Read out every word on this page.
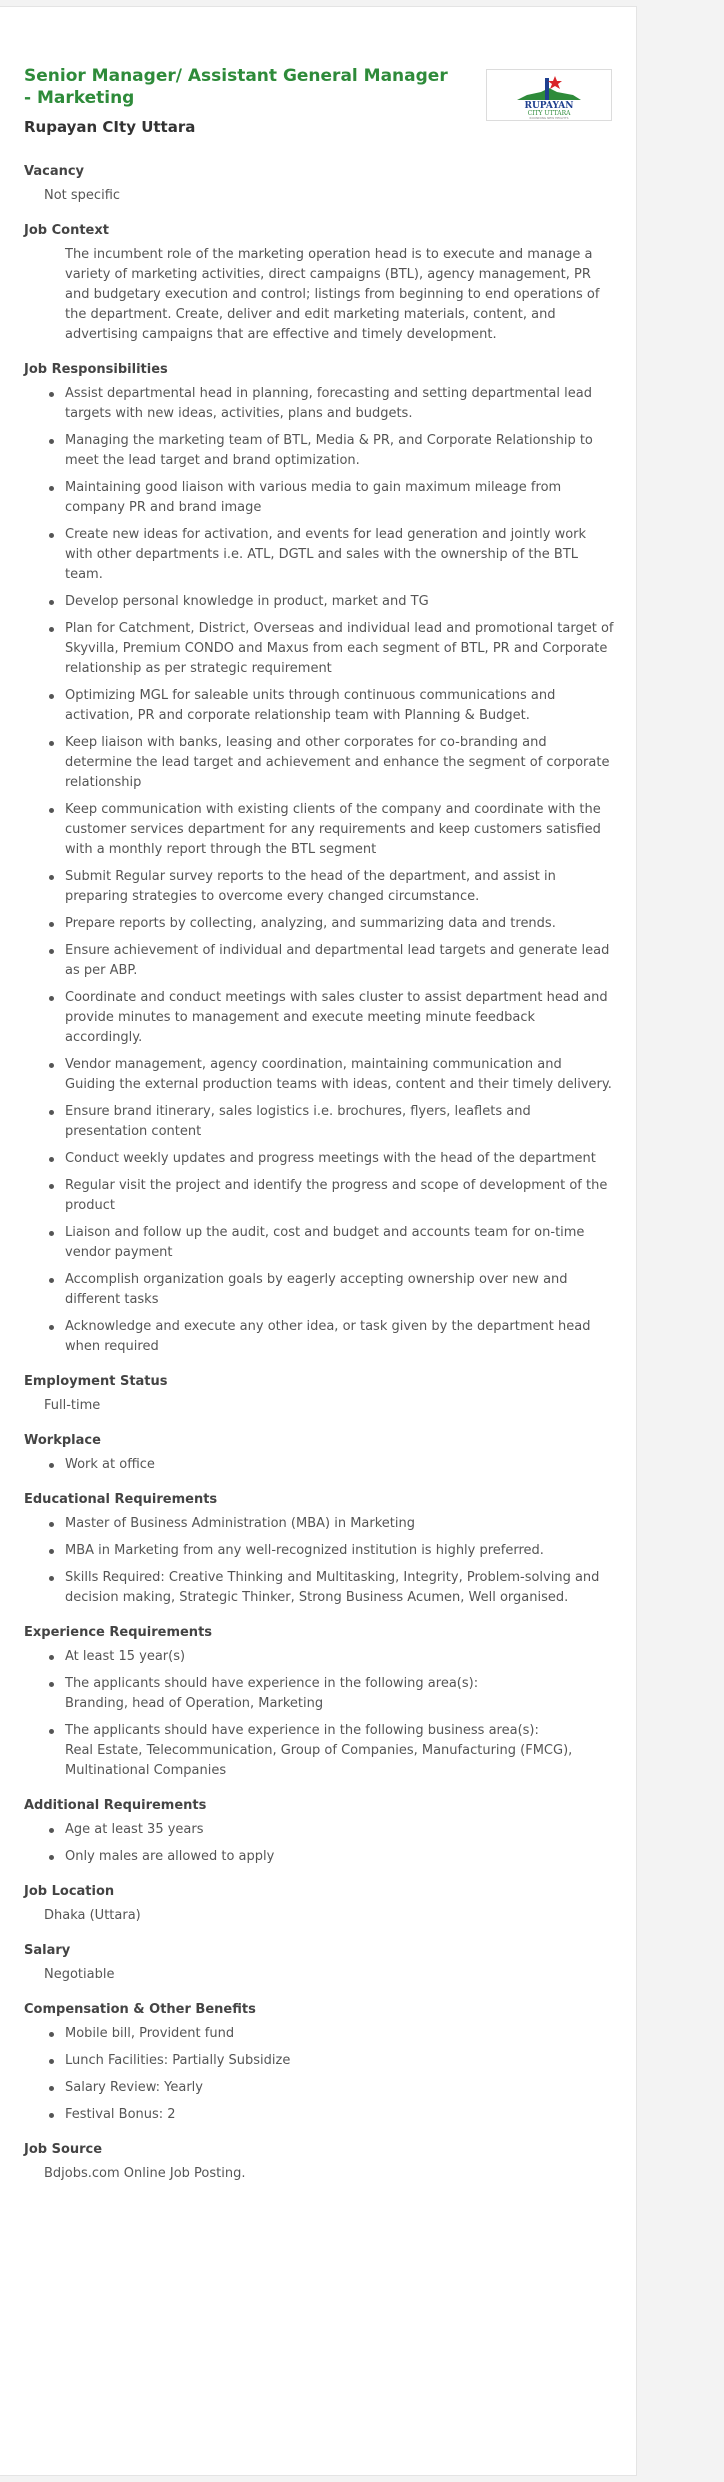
Senior Manager/ Assistant General Manager - Marketing
Rupayan CIty Uttara
RUPAYAN
CITY UTTARA
ROUNDING NEW HEIGHTS
Vacancy
Not specific
Job Context
The incumbent role of the marketing operation head is to execute and manage a variety of marketing activities, direct campaigns (BTL), agency management, PR and budgetary execution and control; listings from beginning to end operations of the department. Create, deliver and edit marketing materials, content, and advertising campaigns that are effective and timely development.
Job Responsibilities
Assist departmental head in planning, forecasting and setting departmental lead targets with new ideas, activities, plans and budgets.
Managing the marketing team of BTL, Media & PR, and Corporate Relationship to meet the lead target and brand optimization.
Maintaining good liaison with various media to gain maximum mileage from company PR and brand image
Create new ideas for activation, and events for lead generation and jointly work with other departments i.e. ATL, DGTL and sales with the ownership of the BTL team.
Develop personal knowledge in product, market and TG
Plan for Catchment, District, Overseas and individual lead and promotional target of Skyvilla, Premium CONDO and Maxus from each segment of BTL, PR and Corporate relationship as per strategic requirement
Optimizing MGL for saleable units through continuous communications and activation, PR and corporate relationship team with Planning & Budget.
Keep liaison with banks, leasing and other corporates for co-branding and determine the lead target and achievement and enhance the segment of corporate relationship
Keep communication with existing clients of the company and coordinate with the customer services department for any requirements and keep customers satisfied with a monthly report through the BTL segment
Submit Regular survey reports to the head of the department, and assist in preparing strategies to overcome every changed circumstance.
Prepare reports by collecting, analyzing, and summarizing data and trends.
Ensure achievement of individual and departmental lead targets and generate lead as per ABP.
Coordinate and conduct meetings with sales cluster to assist department head and provide minutes to management and execute meeting minute feedback accordingly.
Vendor management, agency coordination, maintaining communication and Guiding the external production teams with ideas, content and their timely delivery.
Ensure brand itinerary, sales logistics i.e. brochures, flyers, leaflets and presentation content
Conduct weekly updates and progress meetings with the head of the department
Regular visit the project and identify the progress and scope of development of the product
Liaison and follow up the audit, cost and budget and accounts team for on-time vendor payment
Accomplish organization goals by eagerly accepting ownership over new and different tasks
Acknowledge and execute any other idea, or task given by the department head when required
Employment Status
Full-time
Workplace
Work at office
Educational Requirements
Master of Business Administration (MBA) in Marketing
MBA in Marketing from any well-recognized institution is highly preferred.
Skills Required: Creative Thinking and Multitasking, Integrity, Problem-solving and decision making, Strategic Thinker, Strong Business Acumen, Well organised.
Experience Requirements
At least 15 year(s)
The applicants should have experience in the following area(s):
Branding, head of Operation, Marketing
The applicants should have experience in the following business area(s):
Real Estate, Telecommunication, Group of Companies, Manufacturing (FMCG), Multinational Companies
Additional Requirements
Age at least 35 years
Only males are allowed to apply
Job Location
Dhaka (Uttara)
Salary
Negotiable
Compensation & Other Benefits
Mobile bill, Provident fund
Lunch Facilities: Partially Subsidize
Salary Review: Yearly
Festival Bonus: 2
Job Source
Bdjobs.com Online Job Posting.
